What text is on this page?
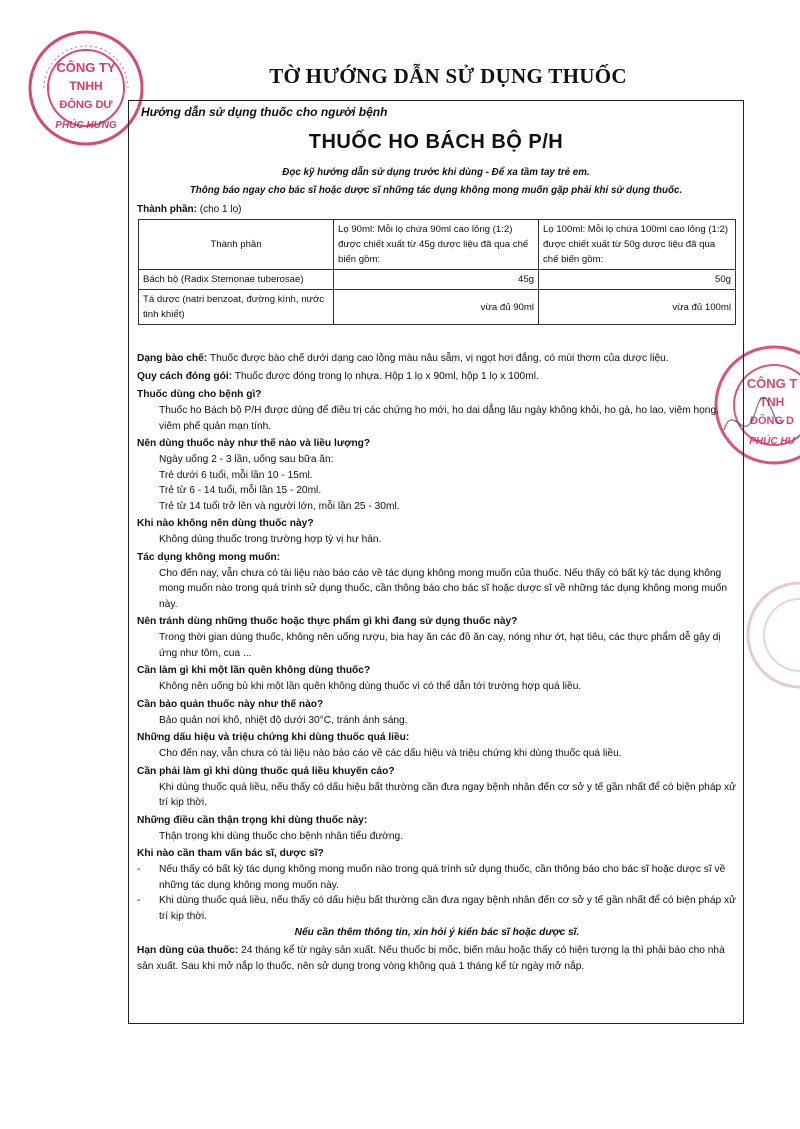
CÔNG TY
TNHH
ĐÔNG DƯ
PHÚC HƯNG
CÔNG T
TNH
ĐÔNG D
PHÚC HU
TỜ HƯỚNG DẪN SỬ DỤNG THUỐC
Hướng dẫn sử dụng thuốc cho người bệnh
THUỐC HO BÁCH BỘ P/H
Đọc kỹ hướng dẫn sử dụng trước khi dùng - Để xa tầm tay trẻ em.
Thông báo ngay cho bác sĩ hoặc dược sĩ những tác dụng không mong muốn gặp phải khi sử dụng thuốc.
Thành phần: (cho 1 lọ)
Thành phần	Lọ 90ml: Mỗi lọ chứa 90ml cao lỏng (1:2) được chiết xuất từ 45g dược liệu đã qua chế biến gồm:	Lọ 100ml: Mỗi lọ chứa 100ml cao lỏng (1:2) được chiết xuất từ 50g dược liệu đã qua chế biến gồm:
Bách bộ (Radix Stemonae tuberosae)	45g	50g
Tá dược (natri benzoat, đường kính, nước tinh khiết)	vừa đủ 90ml	vừa đủ 100ml
Dạng bào chế: Thuốc được bào chế dưới dạng cao lỏng màu nâu sẫm, vị ngọt hơi đắng, có mùi thơm của dược liệu.
Quy cách đóng gói: Thuốc được đóng trong lọ nhựa. Hộp 1 lọ x 90ml, hộp 1 lọ x 100ml.
Thuốc dùng cho bệnh gì?
Thuốc ho Bách bộ P/H được dùng để điều trị các chứng ho mới, ho dai dẳng lâu ngày không khỏi, ho gà, ho lao, viêm họng, viêm phế quản mạn tính.
Nên dùng thuốc này như thế nào và liều lượng?
Ngày uống 2 - 3 lần, uống sau bữa ăn:
Trẻ dưới 6 tuổi, mỗi lần 10 - 15ml.
Trẻ từ 6 - 14 tuổi, mỗi lần 15 - 20ml.
Trẻ từ 14 tuổi trở lên và người lớn, mỗi lần 25 - 30ml.
Khi nào không nên dùng thuốc này?
Không dùng thuốc trong trường hợp tỳ vị hư hàn.
Tác dụng không mong muốn:
Cho đến nay, vẫn chưa có tài liệu nào báo cáo về tác dụng không mong muốn của thuốc. Nếu thấy có bất kỳ tác dụng không mong muốn nào trong quá trình sử dụng thuốc, cần thông báo cho bác sĩ hoặc dược sĩ về những tác dụng không mong muốn này.
Nên tránh dùng những thuốc hoặc thực phẩm gì khi đang sử dụng thuốc này?
Trong thời gian dùng thuốc, không nên uống rượu, bia hay ăn các đồ ăn cay, nóng như ớt, hạt tiêu, các thực phẩm dễ gây dị ứng như tôm, cua ...
Cần làm gì khi một lần quên không dùng thuốc?
Không nên uống bù khi một lần quên không dùng thuốc vì có thể dẫn tới trường hợp quá liều.
Cần bảo quản thuốc này như thế nào?
Bảo quản nơi khô, nhiệt độ dưới 30°C, tránh ánh sáng.
Những dấu hiệu và triệu chứng khi dùng thuốc quá liều:
Cho đến nay, vẫn chưa có tài liệu nào báo cáo về các dấu hiệu và triệu chứng khi dùng thuốc quá liều.
Cần phải làm gì khi dùng thuốc quá liều khuyến cáo?
Khi dùng thuốc quá liều, nếu thấy có dấu hiệu bất thường cần đưa ngay bệnh nhân đến cơ sở y tế gần nhất để có biện pháp xử trí kịp thời.
Những điều cần thận trọng khi dùng thuốc này:
Thận trọng khi dùng thuốc cho bệnh nhân tiểu đường.
Khi nào cần tham vấn bác sĩ, dược sĩ?
-	Nếu thấy có bất kỳ tác dụng không mong muốn nào trong quá trình sử dụng thuốc, cần thông báo cho bác sĩ hoặc dược sĩ về những tác dụng không mong muốn này.
-	Khi dùng thuốc quá liều, nếu thấy có dấu hiệu bất thường cần đưa ngay bệnh nhân đến cơ sở y tế gần nhất để có biện pháp xử trí kịp thời.
Nếu cần thêm thông tin, xin hỏi ý kiến bác sĩ hoặc dược sĩ.
Hạn dùng của thuốc: 24 tháng kể từ ngày sản xuất. Nếu thuốc bị mốc, biến màu hoặc thấy có hiện tượng lạ thì phải báo cho nhà sản xuất. Sau khi mở nắp lọ thuốc, nên sử dụng trong vòng không quá 1 tháng kể từ ngày mở nắp.
